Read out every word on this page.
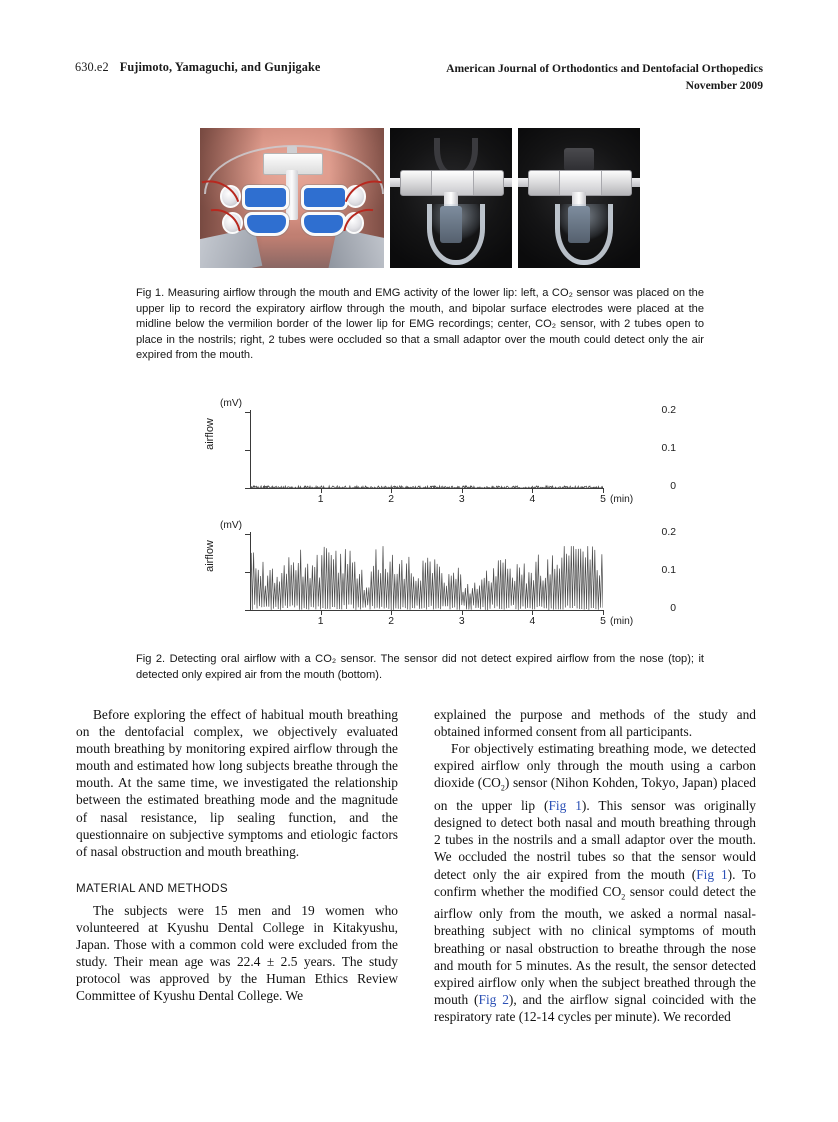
630.e2 Fujimoto, Yamaguchi, and Gunjigake	American Journal of Orthodontics and Dentofacial Orthopedics
November 2009
Fig 1. Measuring airflow through the mouth and EMG activity of the lower lip: left, a CO₂ sensor was placed on the upper lip to record the expiratory airflow through the mouth, and bipolar surface electrodes were placed at the midline below the vermilion border of the lower lip for EMG recordings; center, CO₂ sensor, with 2 tubes open to place in the nostrils; right, 2 tubes were occluded so that a small adaptor over the mouth could detect only the air expired from the mouth.
(mV)
airflow
0.2
0.1
0
1	2	3	4	5 (min)
(mV)
airflow
0.2
0.1
0
1	2	3	4	5 (min)
Fig 2. Detecting oral airflow with a CO₂ sensor. The sensor did not detect expired airflow from the nose (top); it detected only expired air from the mouth (bottom).

Before exploring the effect of habitual mouth breathing on the dentofacial complex, we objectively evaluated mouth breathing by monitoring expired airflow through the mouth and estimated how long subjects breathe through the mouth. At the same time, we investigated the relationship between the estimated breathing mode and the magnitude of nasal resistance, lip sealing function, and the questionnaire on subjective symptoms and etiologic factors of nasal obstruction and mouth breathing.

MATERIAL AND METHODS

The subjects were 15 men and 19 women who volunteered at Kyushu Dental College in Kitakyushu, Japan. Those with a common cold were excluded from the study. Their mean age was 22.4 ± 2.5 years. The study protocol was approved by the Human Ethics Review Committee of Kyushu Dental College. We

explained the purpose and methods of the study and obtained informed consent from all participants.

For objectively estimating breathing mode, we detected expired airflow only through the mouth using a carbon dioxide $(CO_2)$ sensor (Nihon Kohden, Tokyo, Japan) placed on the upper lip (Fig 1). This sensor was originally designed to detect both nasal and mouth breathing through 2 tubes in the nostrils and a small adaptor over the mouth. We occluded the nostril tubes so that the sensor would detect only the air expired from the mouth (Fig 1). To confirm whether the modified $CO_2$ sensor could detect the airflow only from the mouth, we asked a normal nasal-breathing subject with no clinical symptoms of mouth breathing or nasal obstruction to breathe through the nose and mouth for 5 minutes. As the result, the sensor detected expired airflow only when the subject breathed through the mouth (Fig 2), and the airflow signal coincided with the respiratory rate (12-14 cycles per minute). We recorded
